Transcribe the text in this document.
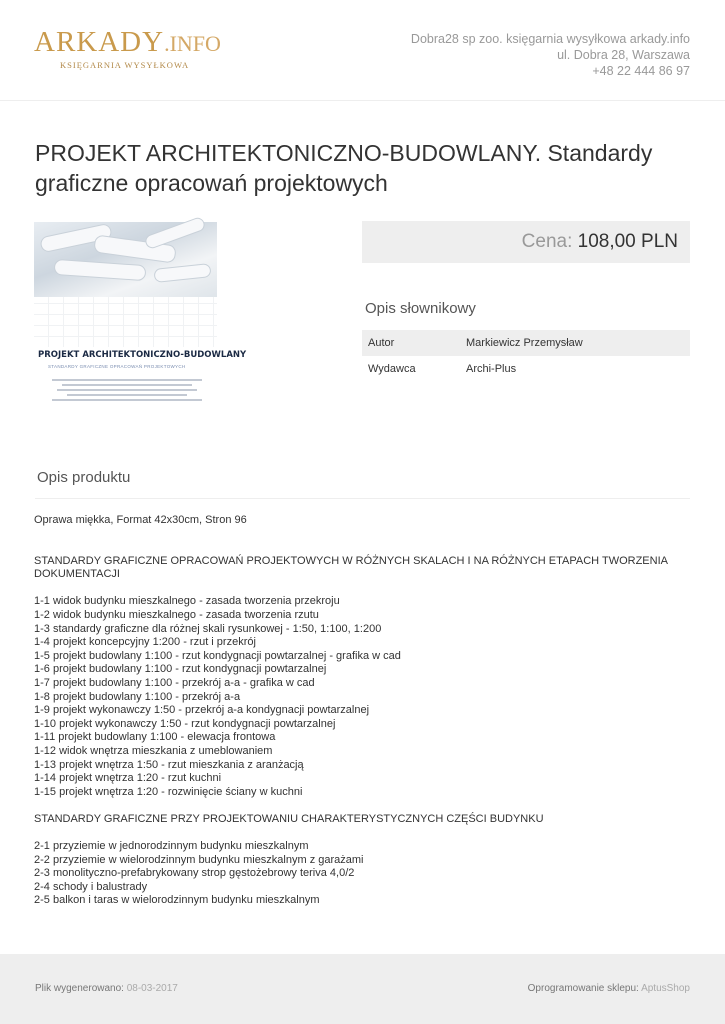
ARKADY.INFO
KSIĘGARNIA WYSYŁKOWA
Dobra28 sp zoo. księgarnia wysyłkowa arkady.info
ul. Dobra 28, Warszawa
+48 22 444 86 97
PROJEKT ARCHITEKTONICZNO-BUDOWLANY. Standardy graficzne opracowań projektowych
PROJEKT ARCHITEKTONICZNO-BUDOWLANY
STANDARDY GRAFICZNE OPRACOWAŃ PROJEKTOWYCH
Cena: 108,00 PLN
Opis słownikowy
Autor	Markiewicz Przemysław
Wydawca	Archi-Plus
Opis produktu

Oprawa miękka, Format 42x30cm, Stron 96

STANDARDY GRAFICZNE OPRACOWAŃ PROJEKTOWYCH W RÓŻNYCH SKALACH I NA RÓŻNYCH ETAPACH TWORZENIA DOKUMENTACJI

1-1 widok budynku mieszkalnego - zasada tworzenia przekroju

1-2 widok budynku mieszkalnego - zasada tworzenia rzutu

1-3 standardy graficzne dla różnej skali rysunkowej - 1:50, 1:100, 1:200

1-4 projekt koncepcyjny 1:200 - rzut i przekrój

1-5 projekt budowlany 1:100 - rzut kondygnacji powtarzalnej - grafika w cad

1-6 projekt budowlany 1:100 - rzut kondygnacji powtarzalnej

1-7 projekt budowlany 1:100 - przekrój a-a - grafika w cad

1-8 projekt budowlany 1:100 - przekrój a-a

1-9 projekt wykonawczy 1:50 - przekrój a-a kondygnacji powtarzalnej

1-10 projekt wykonawczy 1:50 - rzut kondygnacji powtarzalnej

1-11 projekt budowlany 1:100 - elewacja frontowa

1-12 widok wnętrza mieszkania z umeblowaniem

1-13 projekt wnętrza 1:50 - rzut mieszkania z aranżacją

1-14 projekt wnętrza 1:20 - rzut kuchni

1-15 projekt wnętrza 1:20 - rozwinięcie ściany w kuchni

STANDARDY GRAFICZNE PRZY PROJEKTOWANIU CHARAKTERYSTYCZNYCH CZĘŚCI BUDYNKU

2-1 przyziemie w jednorodzinnym budynku mieszkalnym

2-2 przyziemie w wielorodzinnym budynku mieszkalnym z garażami

2-3 monolityczno-prefabrykowany strop gęstożebrowy teriva 4,0/2

2-4 schody i balustrady

2-5 balkon i taras w wielorodzinnym budynku mieszkalnym

Plik wygenerowano: 08-03-2017	Oprogramowanie sklepu: AptusShop
